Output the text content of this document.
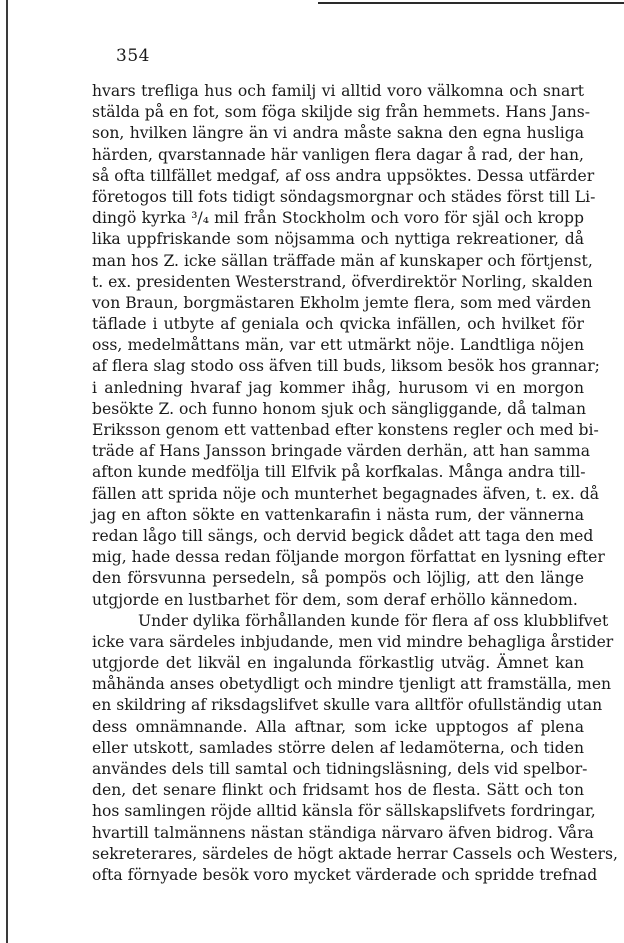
354
hvars trefliga hus och familj vi alltid voro välkomna och snart
stälda på en fot, som föga skiljde sig från hemmets. Hans Jans-
son, hvilken längre än vi andra måste sakna den egna husliga
härden, qvarstannade här vanligen flera dagar å rad, der han,
så ofta tillfället medgaf, af oss andra uppsöktes. Dessa utfärder
företogos till fots tidigt söndagsmorgnar och städes först till Li-
dingö kyrka ³/₄ mil från Stockholm och voro för själ och kropp
lika uppfriskande som nöjsamma och nyttiga rekreationer, då
man hos Z. icke sällan träffade män af kunskaper och förtjenst,
t. ex. presidenten Westerstrand, öfverdirektör Norling, skalden
von Braun, borgmästaren Ekholm jemte flera, som med värden
täflade i utbyte af geniala och qvicka infällen, och hvilket för
oss, medelmåttans män, var ett utmärkt nöje. Landtliga nöjen
af flera slag stodo oss äfven till buds, liksom besök hos grannar;
i anledning hvaraf jag kommer ihåg, hurusom vi en morgon
besökte Z. och funno honom sjuk och sängliggande, då talman
Eriksson genom ett vattenbad efter konstens regler och med bi-
träde af Hans Jansson bringade värden derhän, att han samma
afton kunde medfölja till Elfvik på korfkalas. Många andra till-
fällen att sprida nöje och munterhet begagnades äfven, t. ex. då
jag en afton sökte en vattenkarafin i nästa rum, der vännerna
redan lågo till sängs, och dervid begick dådet att taga den med
mig, hade dessa redan följande morgon författat en lysning efter
den försvunna persedeln, så pompös och löjlig, att den länge
utgjorde en lustbarhet för dem, som deraf erhöllo kännedom.
Under dylika förhållanden kunde för flera af oss klubblifvet
icke vara särdeles inbjudande, men vid mindre behagliga årstider
utgjorde det likväl en ingalunda förkastlig utväg. Ämnet kan
måhända anses obetydligt och mindre tjenligt att framställa, men
en skildring af riksdagslifvet skulle vara alltför ofullständig utan
dess omnämnande. Alla aftnar, som icke upptogos af plena
eller utskott, samlades större delen af ledamöterna, och tiden
användes dels till samtal och tidningsläsning, dels vid spelbor-
den, det senare flinkt och fridsamt hos de flesta. Sätt och ton
hos samlingen röjde alltid känsla för sällskapslifvets fordringar,
hvartill talmännens nästan ständiga närvaro äfven bidrog. Våra
sekreterares, särdeles de högt aktade herrar Cassels och Westers,
ofta förnyade besök voro mycket värderade och spridde trefnad
